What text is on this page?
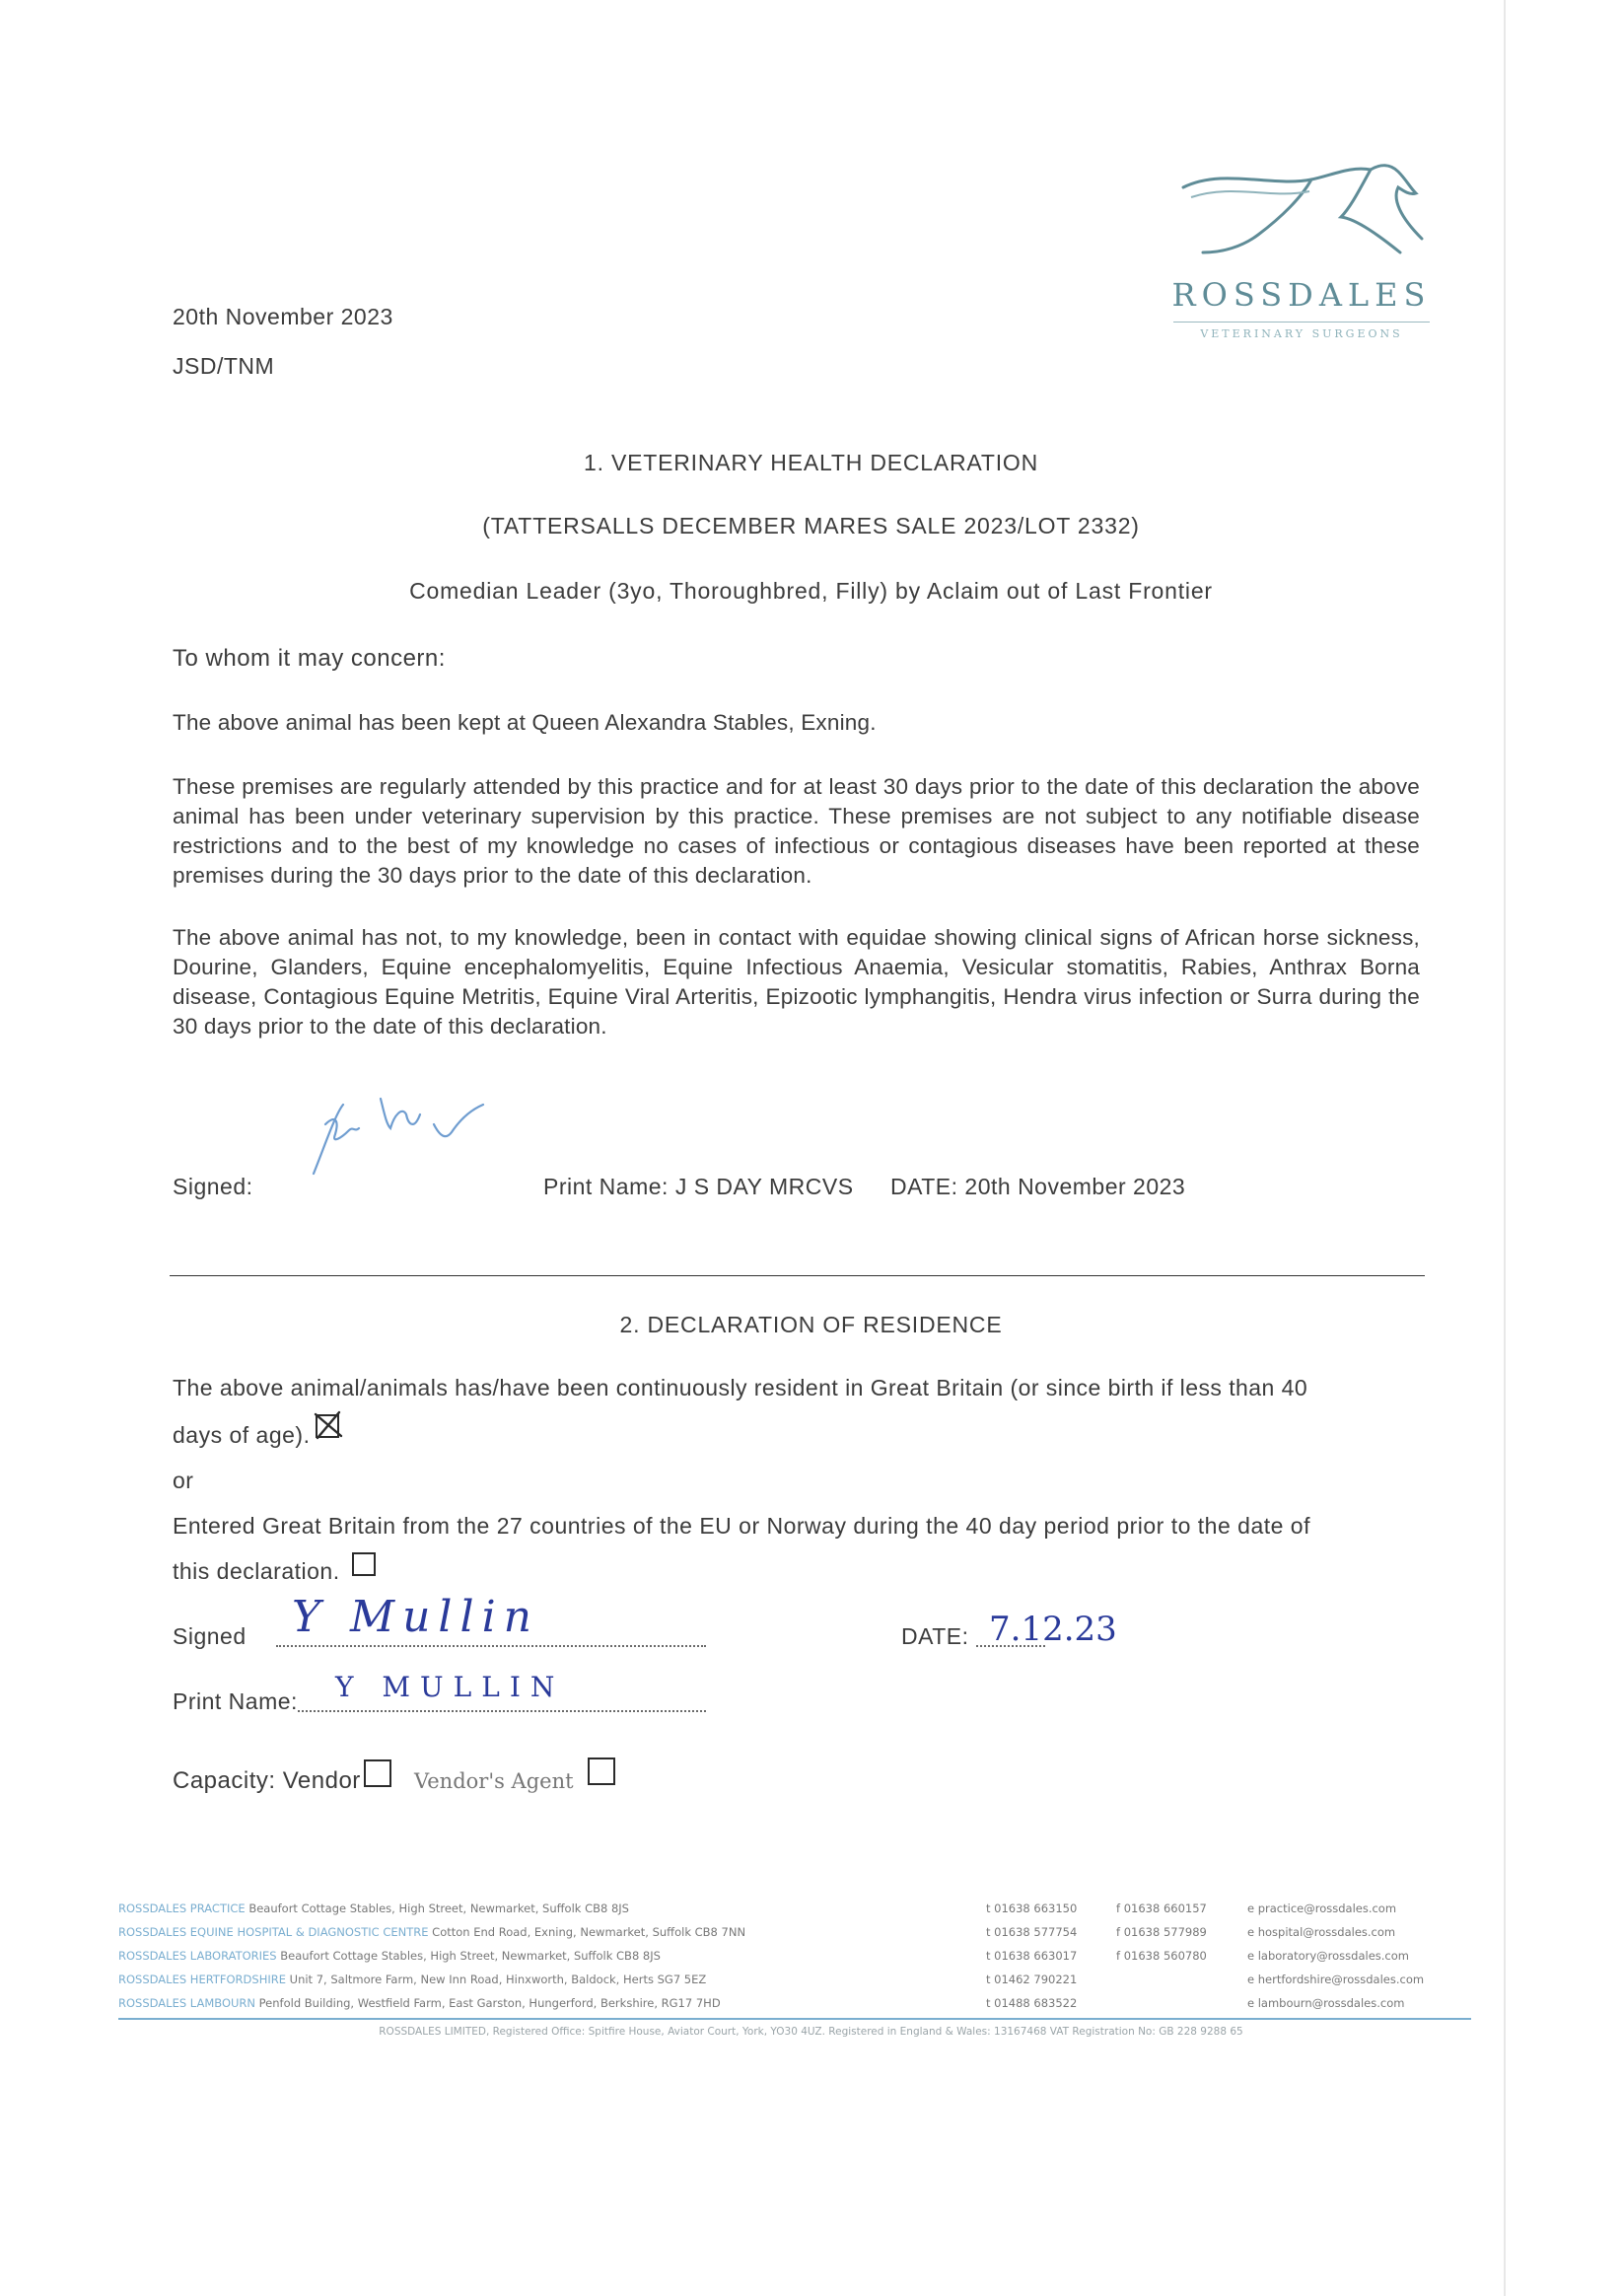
ROSSDALES
VETERINARY SURGEONS
20th November 2023
JSD/TNM
1. VETERINARY HEALTH DECLARATION
(TATTERSALLS DECEMBER MARES SALE 2023/LOT 2332)
Comedian Leader (3yo, Thoroughbred, Filly) by Aclaim out of Last Frontier
To whom it may concern:
The above animal has been kept at Queen Alexandra Stables, Exning.
These premises are regularly attended by this practice and for at least 30 days prior to the date of this declaration the above animal has been under veterinary supervision by this practice. These premises are not subject to any notifiable disease restrictions and to the best of my knowledge no cases of infectious or contagious diseases have been reported at these premises during the 30 days prior to the date of this declaration.
The above animal has not, to my knowledge, been in contact with equidae showing clinical signs of African horse sickness, Dourine, Glanders, Equine encephalomyelitis, Equine Infectious Anaemia, Vesicular stomatitis, Rabies, Anthrax Borna disease, Contagious Equine Metritis, Equine Viral Arteritis, Epizootic lymphangitis, Hendra virus infection or Surra during the 30 days prior to the date of this declaration.
Signed:	Print Name: J S DAY MRCVS DATE: 20th November 2023
2. DECLARATION OF RESIDENCE
The above animal/animals has/have been continuously resident in Great Britain (or since birth if less than 40
days of age).
or
Entered Great Britain from the 27 countries of the EU or Norway during the 40 day period prior to the date of
this declaration.
Signed Y Mullin	DATE: 7.12.23
Print Name: Y MULLIN
Capacity: Vendor	Vendor's Agent
ROSSDALES PRACTICE Beaufort Cottage Stables, High Street, Newmarket, Suffolk CB8 8JS	t 01638 663150	f 01638 660157	e practice@rossdales.com
ROSSDALES EQUINE HOSPITAL & DIAGNOSTIC CENTRE Cotton End Road, Exning, Newmarket, Suffolk CB8 7NN	t 01638 577754	f 01638 577989	e hospital@rossdales.com
ROSSDALES LABORATORIES Beaufort Cottage Stables, High Street, Newmarket, Suffolk CB8 8JS	t 01638 663017	f 01638 560780	e laboratory@rossdales.com
ROSSDALES HERTFORDSHIRE Unit 7, Saltmore Farm, New Inn Road, Hinxworth, Baldock, Herts SG7 5EZ	t 01462 790221	e hertfordshire@rossdales.com
ROSSDALES LAMBOURN Penfold Building, Westfield Farm, East Garston, Hungerford, Berkshire, RG17 7HD	t 01488 683522	e lambourn@rossdales.com
ROSSDALES LIMITED, Registered Office: Spitfire House, Aviator Court, York, YO30 4UZ. Registered in England & Wales: 13167468 VAT Registration No: GB 228 9288 65
